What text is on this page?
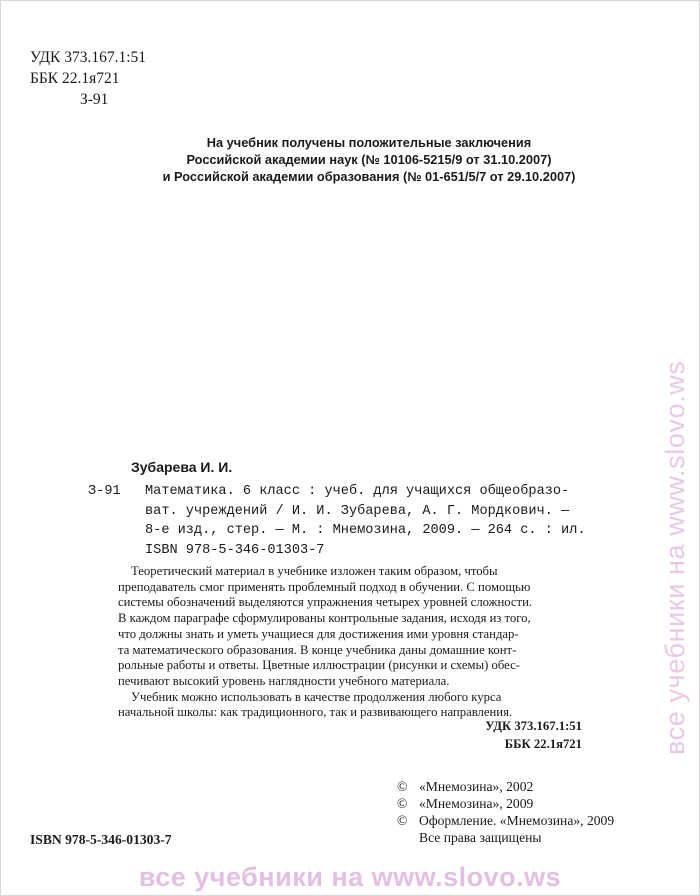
УДК 373.167.1:51
ББК 22.1я721
З-91
На учебник получены положительные заключения
Российской академии наук (№ 10106-5215/9 от 31.10.2007)
и Российской академии образования (№ 01-651/5/7 от 29.10.2007)
Зубарева И. И.
З-91 Математика. 6 класс : учеб. для учащихся общеобразо-
ват. учреждений / И. И. Зубарева, А. Г. Мордкович. —
8-е изд., стер. — М. : Мнемозина, 2009. — 264 с. : ил.
ISBN 978-5-346-01303-7

Теоретический материал в учебнике изложен таким образом, чтобы

преподаватель смог применять проблемный подход в обучении. С помощью

системы обозначений выделяются упражнения четырех уровней сложности.

В каждом параграфе сформулированы контрольные задания, исходя из того,

что должны знать и уметь учащиеся для достижения ими уровня стандар-

та математического образования. В конце учебника даны домашние конт-

рольные работы и ответы. Цветные иллюстрации (рисунки и схемы) обес-

печивают высокий уровень наглядности учебного материала.

Учебник можно использовать в качестве продолжения любого курса

начальной школы: как традиционного, так и развивающего направления.

УДК 373.167.1:51
ББК 22.1я721
© «Мнемозина», 2002
© «Мнемозина», 2009
© Оформление. «Мнемозина», 2009
Все права защищены
ISBN 978-5-346-01303-7
все учебники на www.slovo.ws
все учебники на www.slovo.ws
